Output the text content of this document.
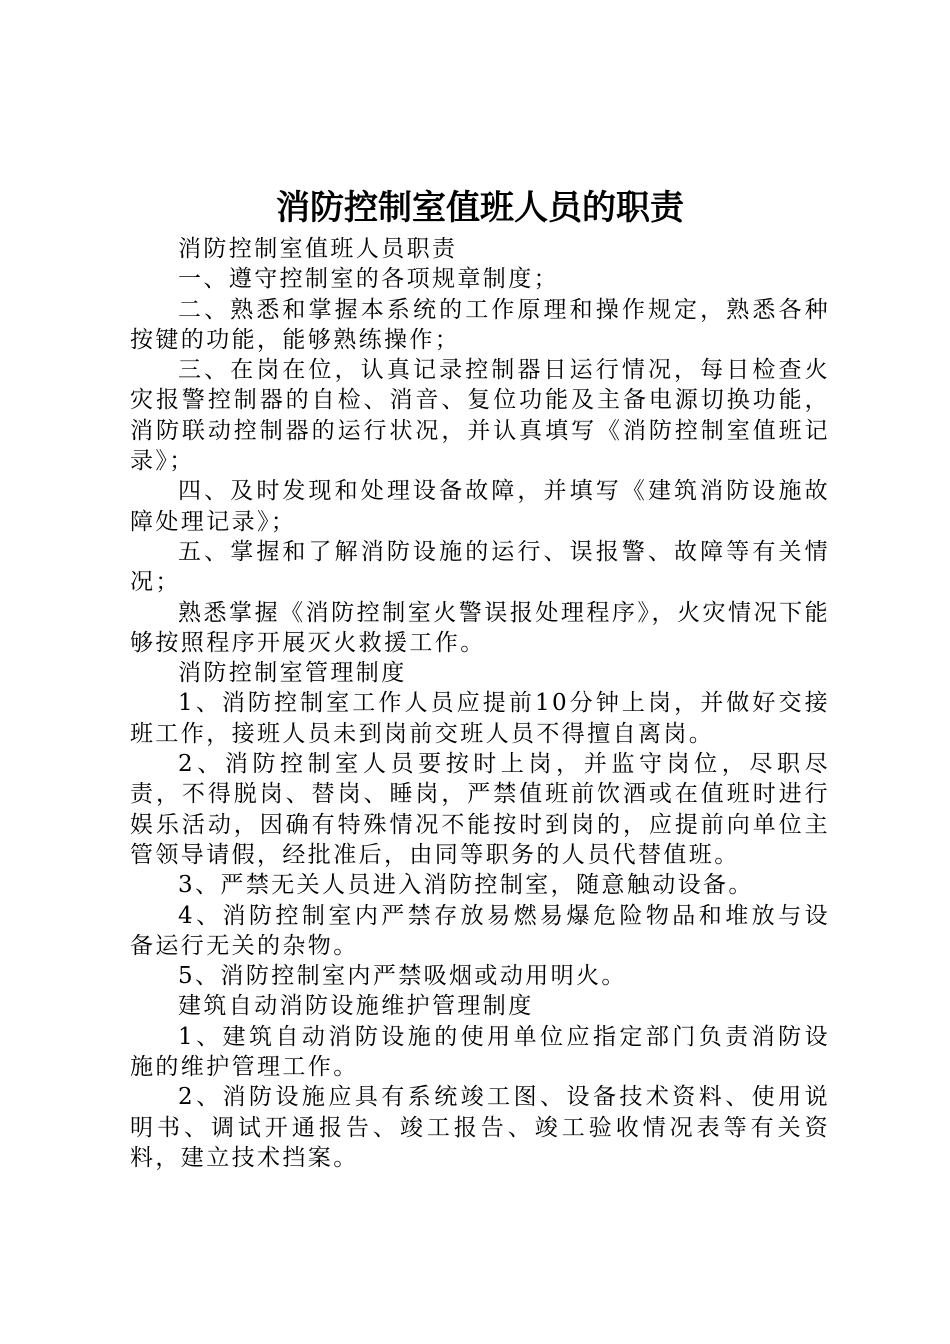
消防控制室值班人员的职责

消防控制室值班人员职责

一、遵守控制室的各项规章制度；

二、熟悉和掌握本系统的工作原理和操作规定，熟悉各种按键的功能，能够熟练操作；

三、在岗在位，认真记录控制器日运行情况，每日检查火灾报警控制器的自检、消音、复位功能及主备电源切换功能，消防联动控制器的运行状况，并认真填写《消防控制室值班记录》；

四、及时发现和处理设备故障，并填写《建筑消防设施故障处理记录》；

五、掌握和了解消防设施的运行、误报警、故障等有关情况；

熟悉掌握《消防控制室火警误报处理程序》，火灾情况下能够按照程序开展灭火救援工作。

消防控制室管理制度

1、消防控制室工作人员应提前10分钟上岗，并做好交接班工作，接班人员未到岗前交班人员不得擅自离岗。

2、消防控制室人员要按时上岗，并监守岗位，尽职尽责，不得脱岗、替岗、睡岗，严禁值班前饮酒或在值班时进行娱乐活动，因确有特殊情况不能按时到岗的，应提前向单位主管领导请假，经批准后，由同等职务的人员代替值班。

3、严禁无关人员进入消防控制室，随意触动设备。

4、消防控制室内严禁存放易燃易爆危险物品和堆放与设备运行无关的杂物。

5、消防控制室内严禁吸烟或动用明火。

建筑自动消防设施维护管理制度

1、建筑自动消防设施的使用单位应指定部门负责消防设施的维护管理工作。

2、消防设施应具有系统竣工图、设备技术资料、使用说明书、调试开通报告、竣工报告、竣工验收情况表等有关资料，建立技术挡案。
